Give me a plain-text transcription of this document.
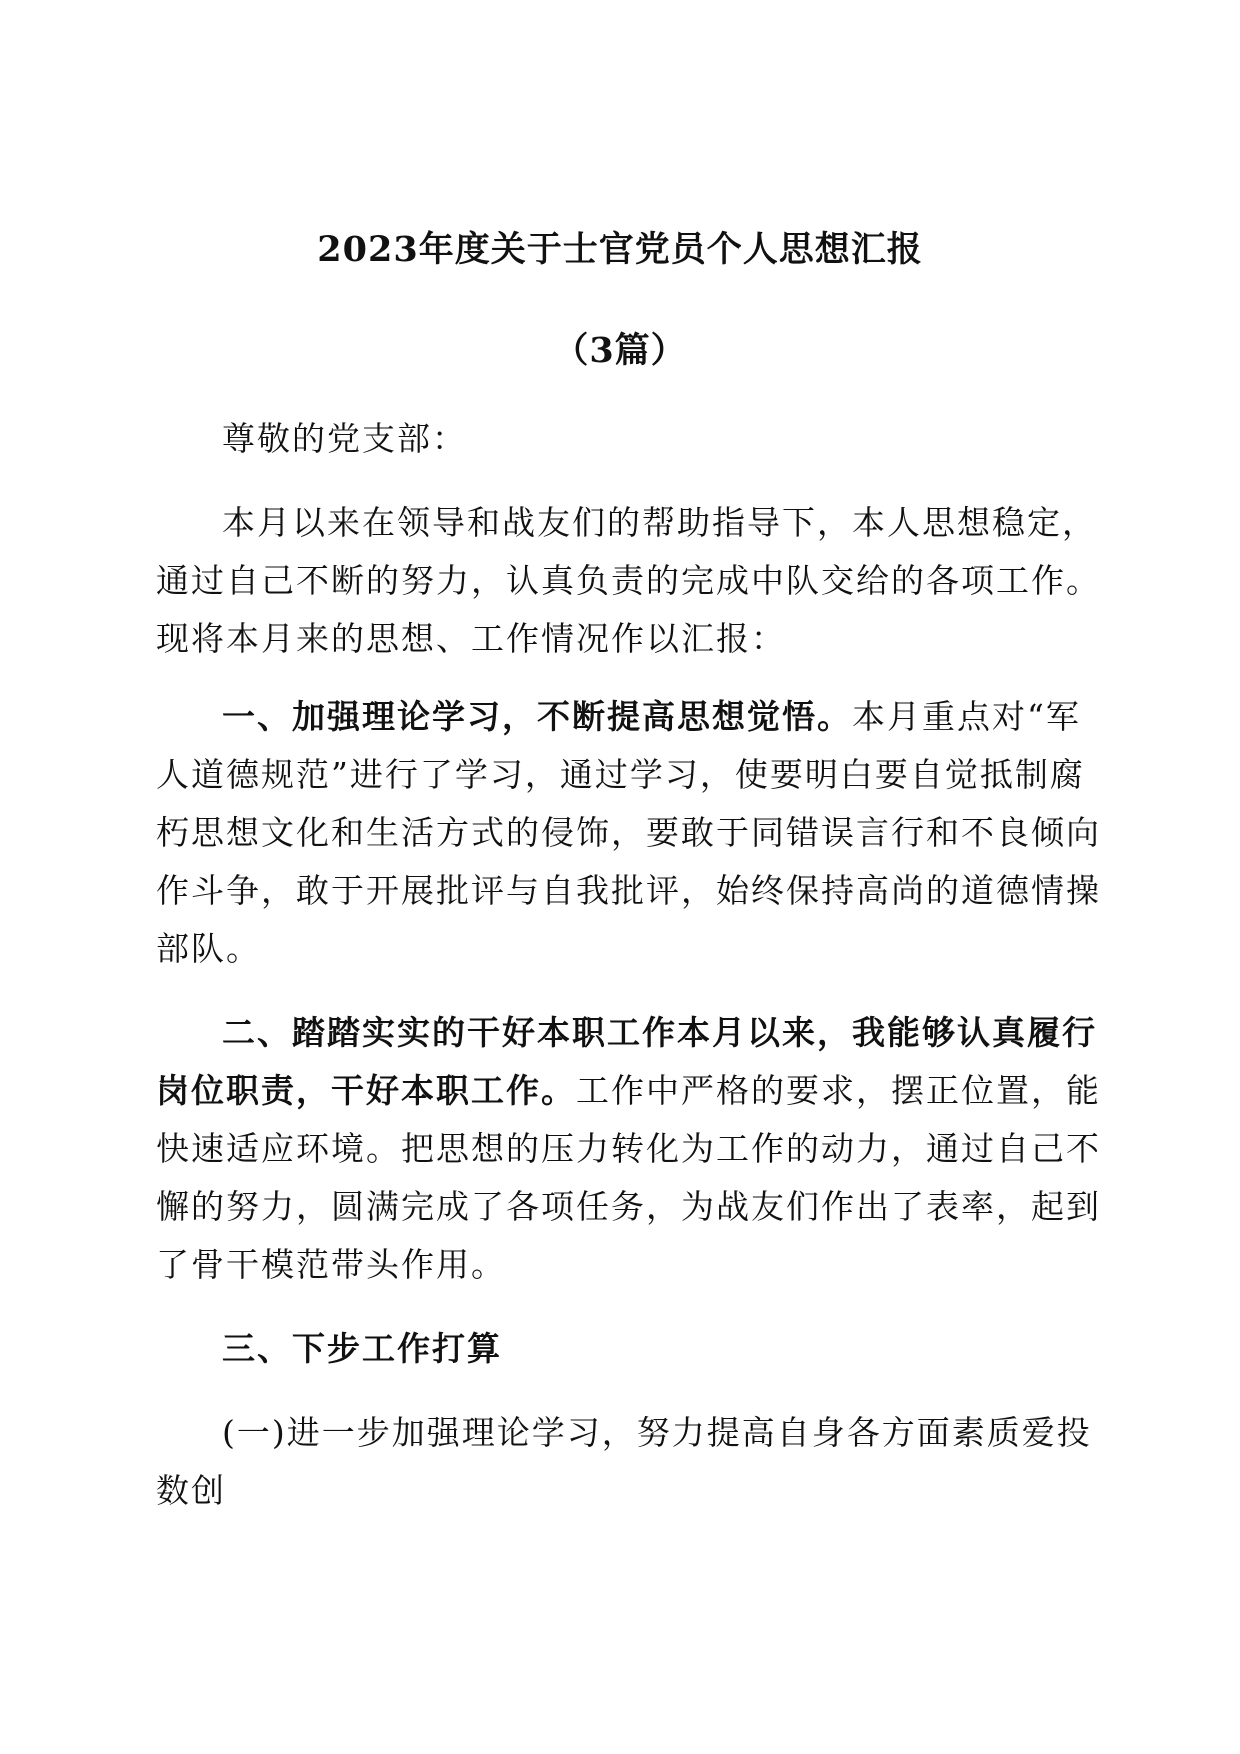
2023年度关于士官党员个人思想汇报
（3篇）
尊敬的党支部：
本月以来在领导和战友们的帮助指导下，本人思想稳定，
通过自己不断的努力，认真负责的完成中队交给的各项工作。
现将本月来的思想、工作情况作以汇报：
一、加强理论学习，不断提高思想觉悟。本月重点对“军
人道德规范”进行了学习，通过学习，使要明白要自觉抵制腐
朽思想文化和生活方式的侵饰，要敢于同错误言行和不良倾向
作斗争，敢于开展批评与自我批评，始终保持高尚的道德情操
部队。
二、踏踏实实的干好本职工作本月以来，我能够认真履行
岗位职责，干好本职工作。工作中严格的要求，摆正位置，能
快速适应环境。把思想的压力转化为工作的动力，通过自己不
懈的努力，圆满完成了各项任务，为战友们作出了表率，起到
了骨干模范带头作用。
三、下步工作打算
(一)进一步加强理论学习，努力提高自身各方面素质爱投
数创
